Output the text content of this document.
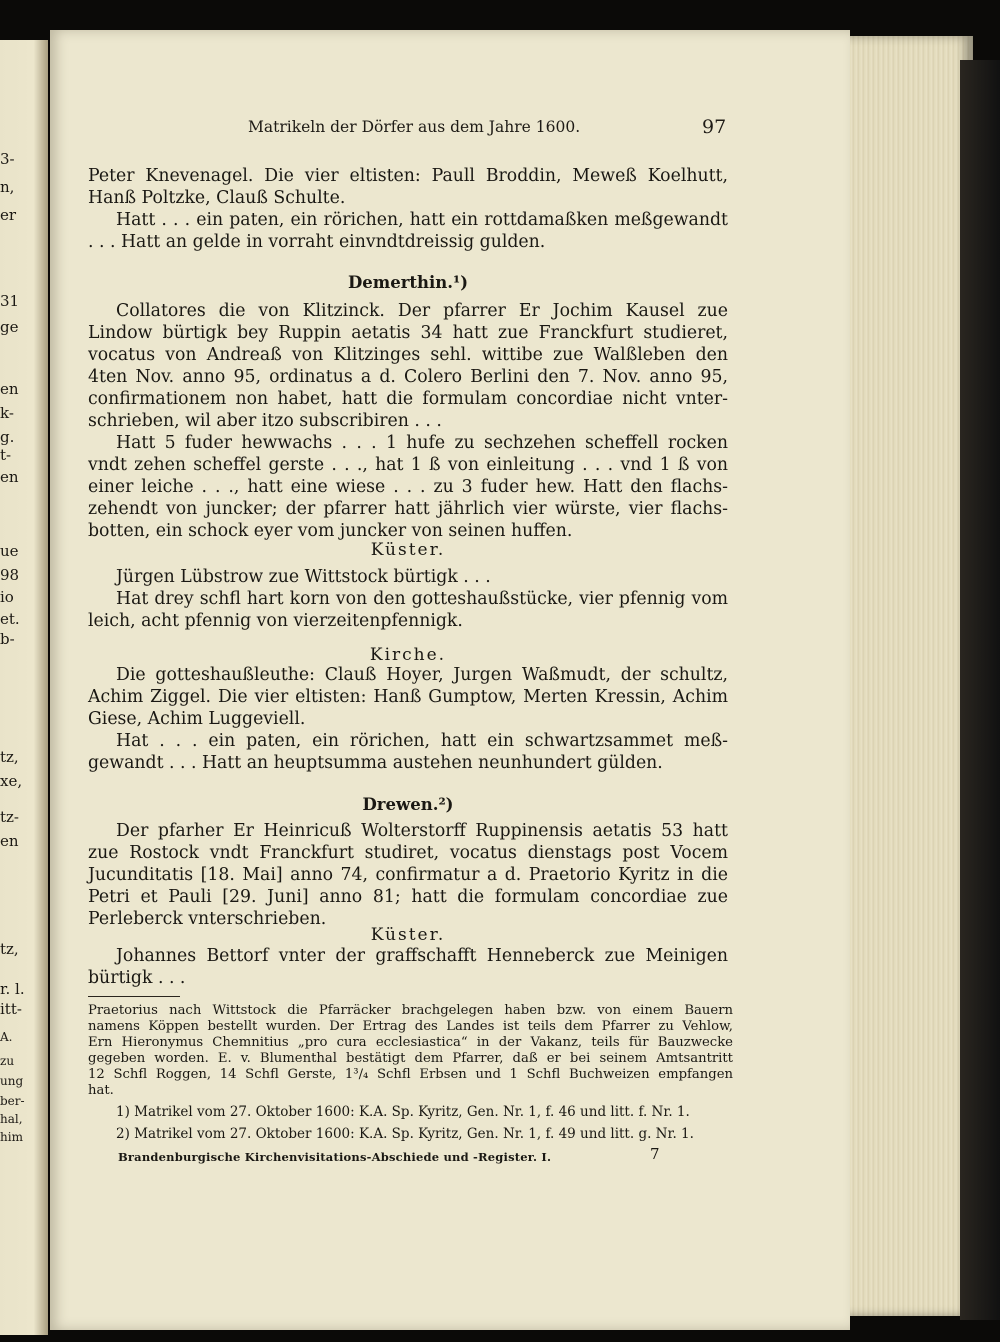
3-
n,
er
31
ge
en
k-
g.
t-
en
ue
98
io
et.
b-
tz,
xe,
tz-
en
tz,
r. l.
itt-
A.
zu
ung
ber-
hal,
him
Matrikeln der Dörfer aus dem Jahre 1600.	97
Peter Knevenagel. Die vier eltisten: Paull Broddin, Meweß Koelhutt,
Hanß Poltzke, Clauß Schulte.
Hatt . . . ein paten, ein rörichen, hatt ein rottdamaßken meßgewandt
. . . Hatt an gelde in vorraht einvndtdreissig gulden.
Demerthin.¹)
Collatores die von Klitzinck. Der pfarrer Er Jochim Kausel zue
Lindow bürtigk bey Ruppin aetatis 34 hatt zue Franckfurt studieret,
vocatus von Andreaß von Klitzinges sehl. wittibe zue Walßleben den
4ten Nov. anno 95, ordinatus a d. Colero Berlini den 7. Nov. anno 95,
confirmationem non habet, hatt die formulam concordiae nicht vnter-
schrieben, wil aber itzo subscribiren . . .
Hatt 5 fuder hewwachs . . . 1 hufe zu sechzehen scheffell rocken
vndt zehen scheffel gerste . . ., hat 1 ß von einleitung . . . vnd 1 ß von
einer leiche . . ., hatt eine wiese . . . zu 3 fuder hew. Hatt den flachs-
zehendt von juncker; der pfarrer hatt jährlich vier würste, vier flachs-
botten, ein schock eyer vom juncker von seinen huffen.
Küster.
Jürgen Lübstrow zue Wittstock bürtigk . . .
Hat drey schfl hart korn von den gotteshaußstücke, vier pfennig vom
leich, acht pfennig von vierzeitenpfennigk.
Kirche.
Die gotteshaußleuthe: Clauß Hoyer, Jurgen Waßmudt, der schultz,
Achim Ziggel. Die vier eltisten: Hanß Gumptow, Merten Kressin, Achim
Giese, Achim Luggeviell.
Hat . . . ein paten, ein rörichen, hatt ein schwartzsammet meß-
gewandt . . . Hatt an heuptsumma austehen neunhundert gülden.
Drewen.²)
Der pfarher Er Heinricuß Wolterstorff Ruppinensis aetatis 53 hatt
zue Rostock vndt Franckfurt studiret, vocatus dienstags post Vocem
Jucunditatis [18. Mai] anno 74, confirmatur a d. Praetorio Kyritz in die
Petri et Pauli [29. Juni] anno 81; hatt die formulam concordiae zue
Perleberck vnterschrieben.
Küster.
Johannes Bettorf vnter der graffschafft Henneberck zue Meinigen
bürtigk . . .
Praetorius nach Wittstock die Pfarräcker brachgelegen haben bzw. von einem Bauern
namens Köppen bestellt wurden. Der Ertrag des Landes ist teils dem Pfarrer zu Vehlow,
Ern Hieronymus Chemnitius „pro cura ecclesiastica“ in der Vakanz, teils für Bauzwecke
gegeben worden. E. v. Blumenthal bestätigt dem Pfarrer, daß er bei seinem Amtsantritt
12 Schfl Roggen, 14 Schfl Gerste, 1³/₄ Schfl Erbsen und 1 Schfl Buchweizen empfangen
hat.
1) Matrikel vom 27. Oktober 1600: K.A. Sp. Kyritz, Gen. Nr. 1, f. 46 und litt. f. Nr. 1.
2) Matrikel vom 27. Oktober 1600: K.A. Sp. Kyritz, Gen. Nr. 1, f. 49 und litt. g. Nr. 1.
Brandenburgische Kirchenvisitations-Abschiede und -Register. I.	7
